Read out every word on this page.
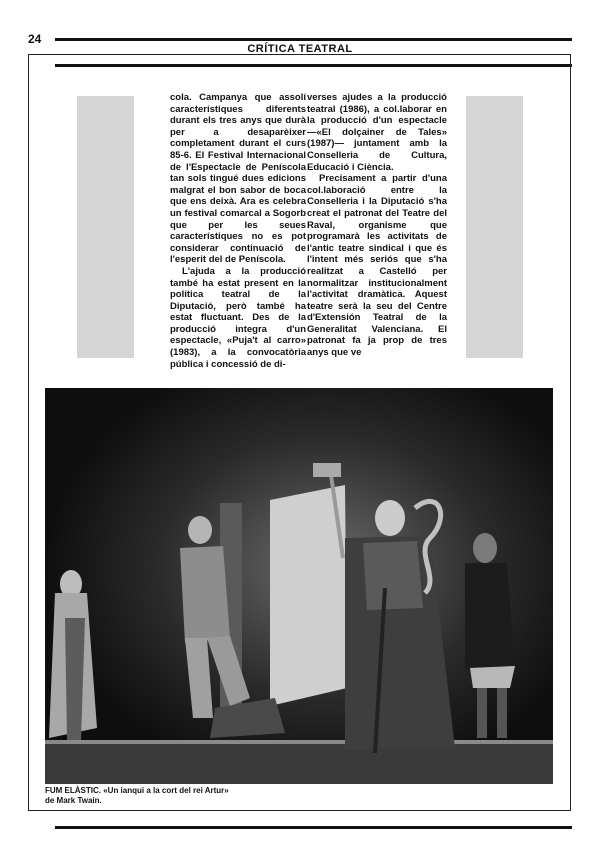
24
CRÍTICA TEATRAL

cola. Campanya que assolí característiques diferents durant els tres anys que durà per a desaparèixer completament durant el curs 85-6. El Festival Internacional de l'Espectacle de Peníscola tan sols tingué dues edicions malgrat el bon sabor de boca que ens deixà. Ara es celebra un festival comarcal a Sogorb que per les seues característiques no es pot considerar continuació de l'esperit del de Peníscola.

L'ajuda a la producció també ha estat present en la política teatral de la Diputació, però també ha estat fluctuant. Des de la producció integra d'un espectacle, «Puja't al carro» (1983), a la convocatòria pública i concessió de di-

verses ajudes a la producció teatral (1986), a col.laborar en la producció d'un espectacle —«El dolçainer de Tales» (1987)— juntament amb la Conselleria de Cultura, Educació i Ciència.

Precisament a partir d'una col.laboració entre la Conselleria i la Diputació s'ha creat el patronat del Teatre del Raval, organisme que programarà les activitats de l'antic teatre sindical i que és l'intent més seriós que s'ha realitzat a Castelló per normalitzar institucionalment l'activitat dramàtica. Aquest teatre serà la seu del Centre d'Extensión Teatral de la Generalitat Valenciana. El patronat fa ja prop de tres anys que ve

FUM ELÀSTIC. «Un ianqui a la cort del rei Artur»
de Mark Twain.
